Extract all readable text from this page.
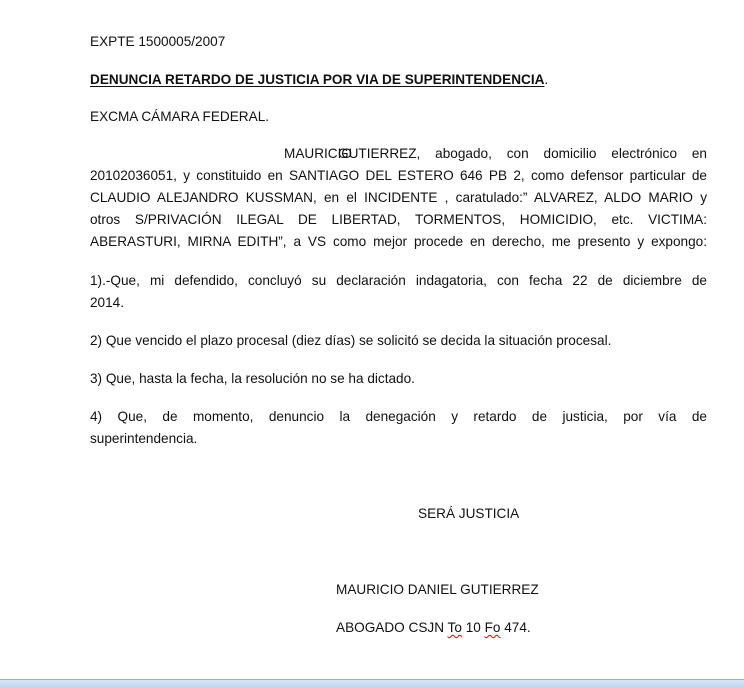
EXPTE 1500005/2007
DENUNCIA RETARDO DE JUSTICIA POR VIA DE SUPERINTENDENCIA.
EXCMA CÁMARA FEDERAL.
MAURICIO
GUTIERREZ, abogado, con domicilio electrónico en
20102036051, y constituido en SANTIAGO DEL ESTERO 646 PB 2, como defensor particular de
CLAUDIO ALEJANDRO KUSSMAN, en el INCIDENTE , caratulado:” ALVAREZ, ALDO MARIO y
otros S/PRIVACIÓN ILEGAL DE LIBERTAD, TORMENTOS, HOMICIDIO, etc. VICTIMA:
ABERASTURI, MIRNA EDITH”, a VS como mejor procede en derecho, me presento y expongo:
1).-Que, mi defendido, concluyó su declaración indagatoria, con fecha 22 de diciembre de
2014.
2) Que vencido el plazo procesal (diez días) se solicitó se decida la situación procesal.
3) Que, hasta la fecha, la resolución no se ha dictado.
4) Que, de momento, denuncio la denegación y retardo de justicia, por vía de
superintendencia.
SERÁ JUSTICIA
MAURICIO DANIEL GUTIERREZ
ABOGADO CSJN To 10 Fo 474.
